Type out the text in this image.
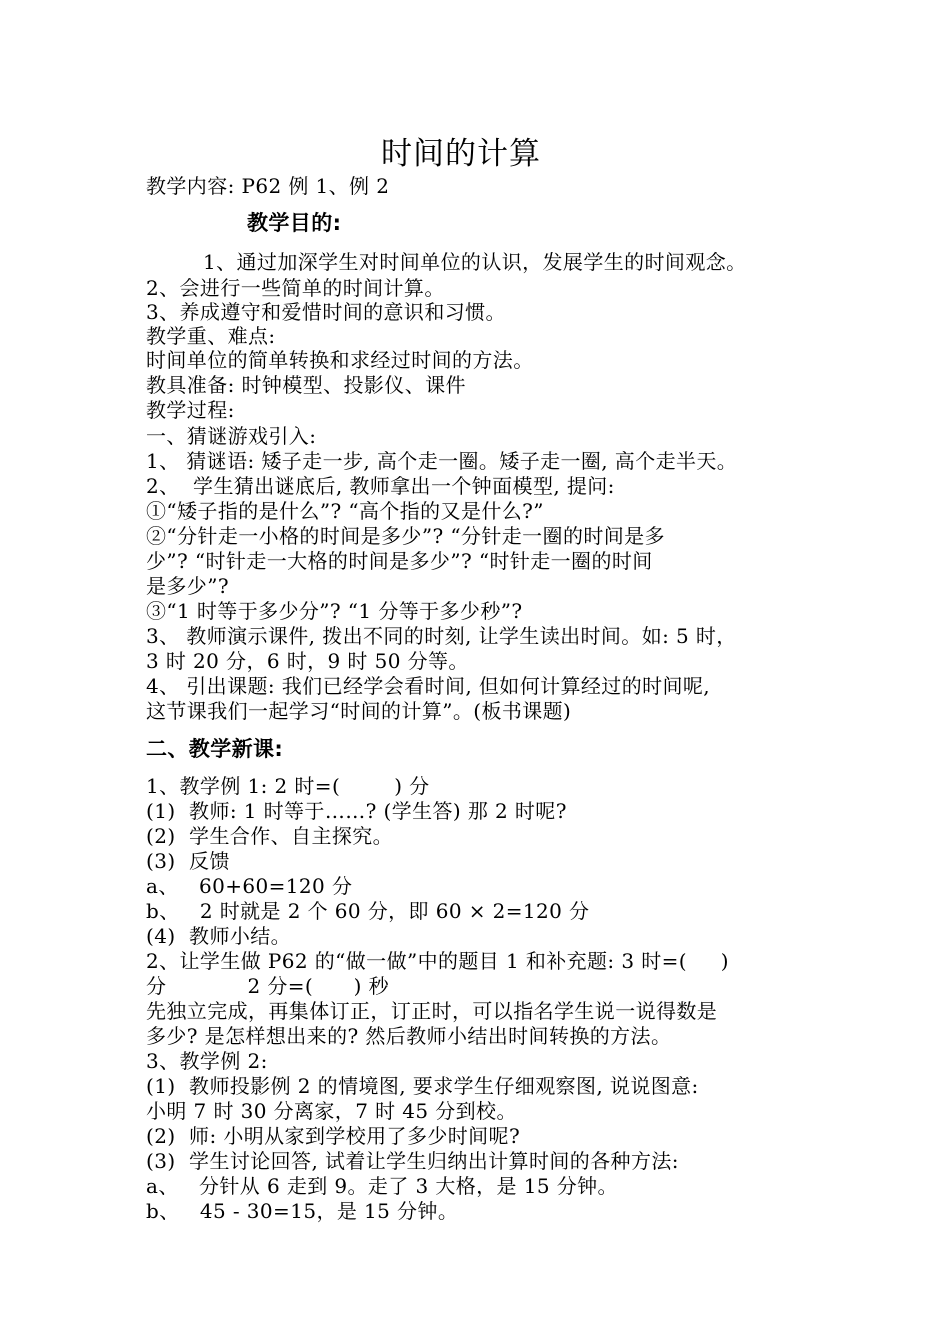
时间的计算
教学内容: P62 例 1、例 2
教学目的:
1、通过加深学生对时间单位的认识，发展学生的时间观念。
2、会进行一些简单的时间计算。
3、养成遵守和爱惜时间的意识和习惯。
教学重、难点:
时间单位的简单转换和求经过时间的方法。
教具准备: 时钟模型、投影仪、课件
教学过程:
一、猜谜游戏引入:
1、 猜谜语: 矮子走一步, 高个走一圈。矮子走一圈, 高个走半天。
2、  学生猜出谜底后, 教师拿出一个钟面模型, 提问:
①“矮子指的是什么”? “高个指的又是什么?”
②“分针走一小格的时间是多少”? “分针走一圈的时间是多
少”? “时针走一大格的时间是多少”? “时针走一圈的时间
是多少”?
③“1 时等于多少分”? “1 分等于多少秒”?
3、 教师演示课件, 拨出不同的时刻, 让学生读出时间。如: 5 时，
3 时 20 分，6 时，9 时 50 分等。
4、 引出课题: 我们已经学会看时间, 但如何计算经过的时间呢,
这节课我们一起学习“时间的计算”。(板书课题)
二、教学新课:
1、教学例 1: 2 时=(        ) 分
(1)  教师: 1 时等于……? (学生答) 那 2 时呢?
(2)  学生合作、自主探究。
(3)  反馈
a、   60+60=120 分
b、   2 时就是 2 个 60 分，即 60 × 2=120 分
(4)  教师小结。
2、让学生做 P62 的“做一做”中的题目 1 和补充题: 3 时=(     )
分            2 分=(      ) 秒
先独立完成，再集体订正，订正时，可以指名学生说一说得数是
多少? 是怎样想出来的? 然后教师小结出时间转换的方法。
3、教学例 2:
(1)  教师投影例 2 的情境图, 要求学生仔细观察图, 说说图意:
小明 7 时 30 分离家，7 时 45 分到校。
(2)  师: 小明从家到学校用了多少时间呢?
(3)  学生讨论回答, 试着让学生归纳出计算时间的各种方法:
a、   分针从 6 走到 9。走了 3 大格，是 15 分钟。
b、   45 - 30=15，是 15 分钟。
